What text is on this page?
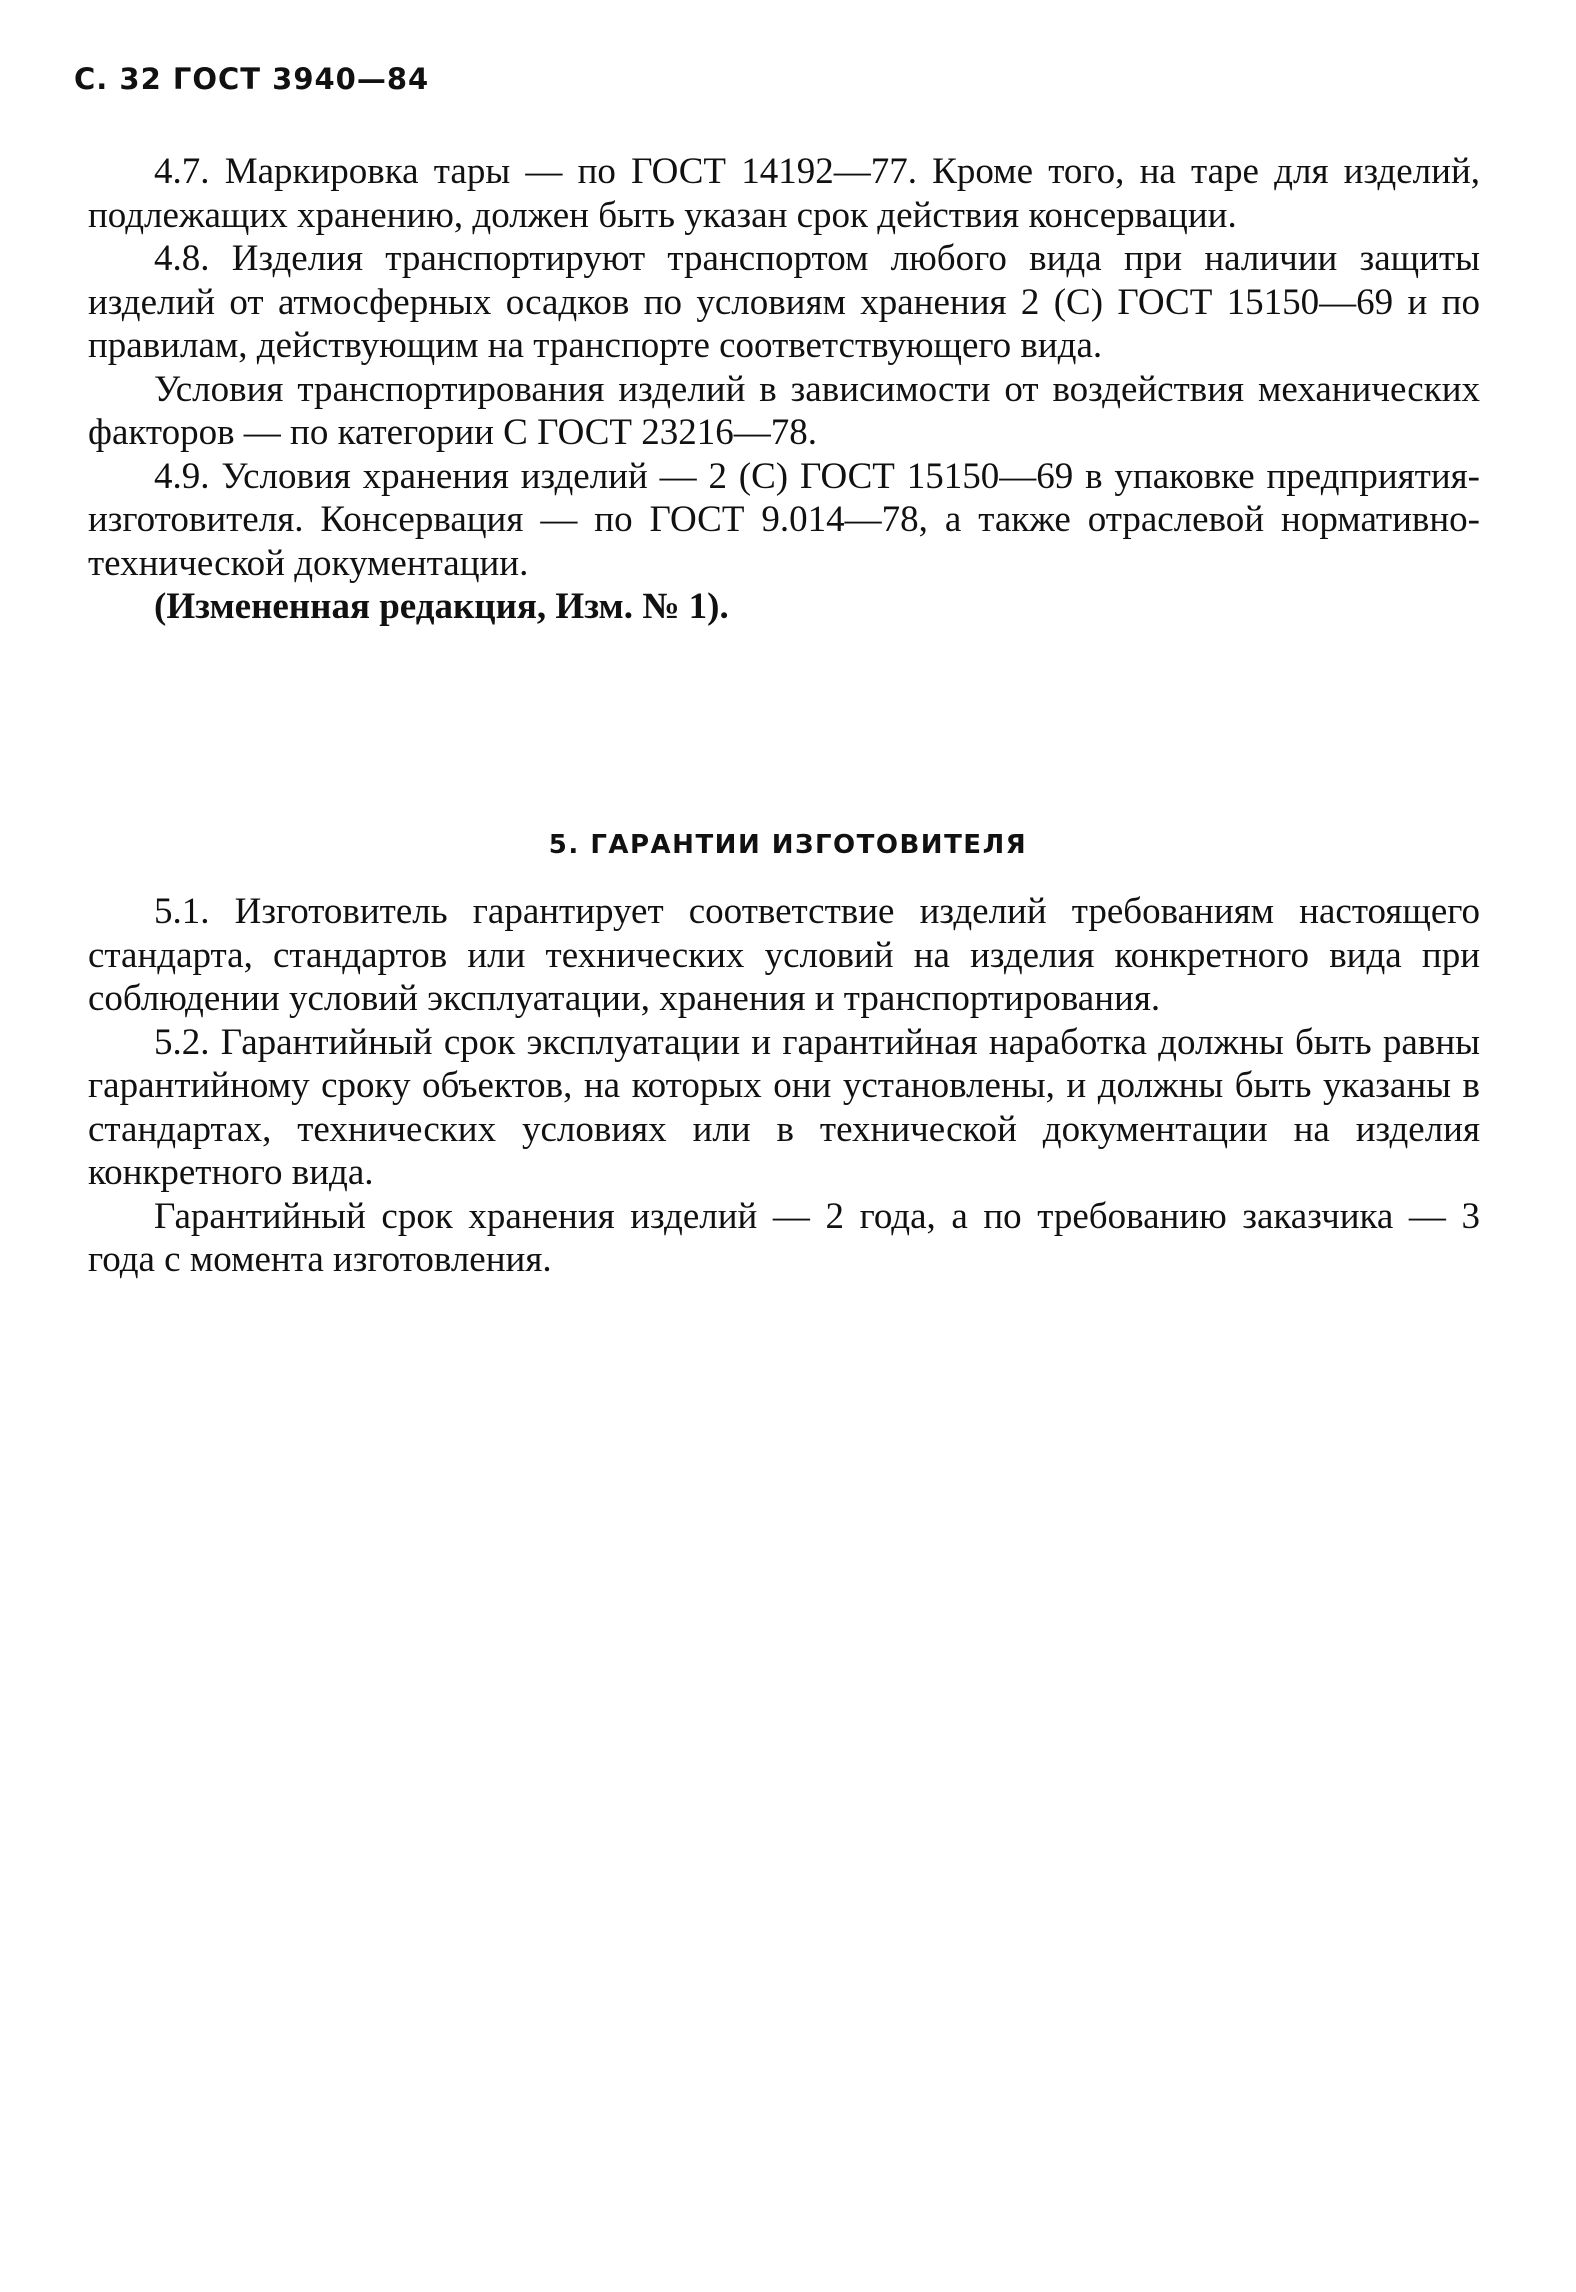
С. 32 ГОСТ 3940—84

4.7. Маркировка тары — по ГОСТ 14192—77. Кроме того, на таре для изделий, подлежащих хранению, должен быть указан срок действия консервации.

4.8. Изделия транспортируют транспортом любого вида при наличии защиты изделий от атмосферных осадков по условиям хранения 2 (С) ГОСТ 15150—69 и по правилам, действующим на транспорте соответствующего вида.

Условия транспортирования изделий в зависимости от воздействия механических факторов — по категории С ГОСТ 23216—78.

4.9. Условия хранения изделий — 2 (С) ГОСТ 15150—69 в упаковке предприятия-изготовителя. Консервация — по ГОСТ 9.014—78, а также отраслевой нормативно-технической документации.

(Измененная редакция, Изм. № 1).

5. ГАРАНТИИ ИЗГОТОВИТЕЛЯ

5.1. Изготовитель гарантирует соответствие изделий требованиям настоящего стандарта, стандартов или технических условий на изделия конкретного вида при соблюдении условий эксплуатации, хранения и транспортирования.

5.2. Гарантийный срок эксплуатации и гарантийная наработка должны быть равны гарантийному сроку объектов, на которых они установлены, и должны быть указаны в стандартах, технических условиях или в технической документации на изделия конкретного вида.

Гарантийный срок хранения изделий — 2 года, а по требованию заказчика — 3 года с момента изготовления.
